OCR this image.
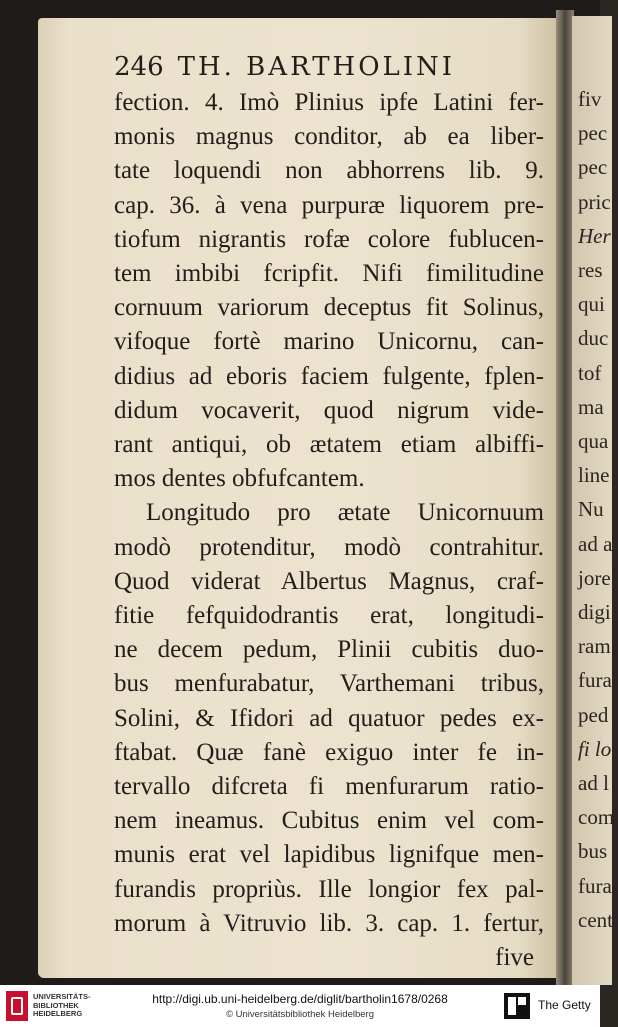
fiv
pec
pec
pric
Her
res
qui
duc
tof
ma
qua
line
Nu
ad a
jore
digi
ram
fura
ped
fi lo
ad l
com
bus
furai
cent
246 TH. BARTHOLINI
fection. 4. Imò Plinius ipfe Latini fer-
monis magnus conditor, ab ea liber-
tate loquendi non abhorrens lib. 9.
cap. 36. à vena purpuræ liquorem pre-
tiofum nigrantis rofæ colore fublucen-
tem imbibi fcripfit. Nifi fimilitudine
cornuum variorum deceptus fit Solinus,
vifoque fortè marino Unicornu, can-
didius ad eboris faciem fulgente, fplen-
didum vocaverit, quod nigrum vide-
rant antiqui, ob ætatem etiam albiffi-
mos dentes obfufcantem.
Longitudo pro ætate Unicornuum
modò protenditur, modò contrahitur.
Quod viderat Albertus Magnus, craf-
fitie fefquidodrantis erat, longitudi-
ne decem pedum, Plinii cubitis duo-
bus menfurabatur, Varthemani tribus,
Solini, & Ifidori ad quatuor pedes ex-
ftabat. Quæ fanè exiguo inter fe in-
tervallo difcreta fi menfurarum ratio-
nem ineamus. Cubitus enim vel com-
munis erat vel lapidibus lignifque men-
furandis propriùs. Ille longior fex pal-
morum à Vitruvio lib. 3. cap. 1. fertur,
five
UNIVERSITÄTS-
BIBLIOTHEK
HEIDELBERG
http://digi.ub.uni-heidelberg.de/diglit/bartholin1678/0268
© Universitätsbibliothek Heidelberg
The Getty
